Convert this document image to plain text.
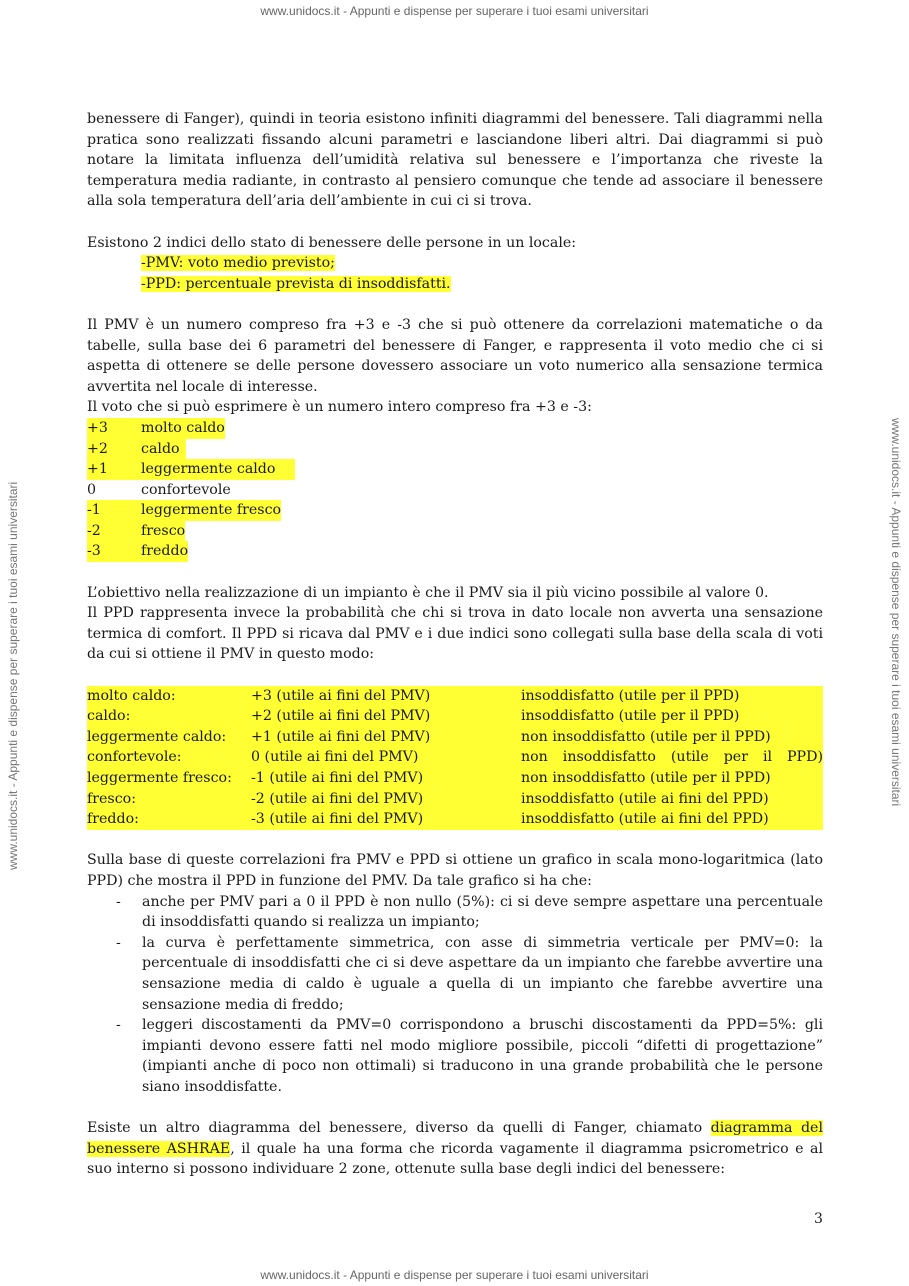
www.unidocs.it - Appunti e dispense per superare i tuoi esami universitari
www.unidocs.it - Appunti e dispense per superare i tuoi esami universitari	www.unidocs.it - Appunti e dispense per superare i tuoi esami universitari

benessere di Fanger), quindi in teoria esistono infiniti diagrammi del benessere. Tali diagrammi nella pratica sono realizzati fissando alcuni parametri e lasciandone liberi altri. Dai diagrammi si può notare la limitata influenza dell’umidità relativa sul benessere e l’importanza che riveste la temperatura media radiante, in contrasto al pensiero comunque che tende ad associare il benessere alla sola temperatura dell’aria dell’ambiente in cui ci si trova.

Esistono 2 indici dello stato di benessere delle persone in un locale:

-PMV: voto medio previsto;
-PPD: percentuale prevista di insoddisfatti.

Il PMV è un numero compreso fra +3 e -3 che si può ottenere da correlazioni matematiche o da tabelle, sulla base dei 6 parametri del benessere di Fanger, e rappresenta il voto medio che ci si aspetta di ottenere se delle persone dovessero associare un voto numerico alla sensazione termica avvertita nel locale di interesse.

Il voto che si può esprimere è un numero intero compreso fra +3 e -3:

+3	molto caldo
+2	caldo
+1	leggermente caldo
0	confortevole
-1	leggermente fresco
-2	fresco
-3	freddo

L’obiettivo nella realizzazione di un impianto è che il PMV sia il più vicino possibile al valore 0.

Il PPD rappresenta invece la probabilità che chi si trova in dato locale non avverta una sensazione termica di comfort. Il PPD si ricava dal PMV e i due indici sono collegati sulla base della scala di voti da cui si ottiene il PMV in questo modo:

molto caldo:	+3 (utile ai fini del PMV)	insoddisfatto (utile per il PPD)
caldo:	+2 (utile ai fini del PMV)	insoddisfatto (utile per il PPD)
leggermente caldo:	+1 (utile ai fini del PMV)	non insoddisfatto (utile per il PPD)
confortevole:	0 (utile ai fini del PMV)	non insoddisfatto (utile per il PPD)
leggermente fresco:	-1 (utile ai fini del PMV)	non insoddisfatto (utile per il PPD)
fresco:	-2 (utile ai fini del PMV)	insoddisfatto (utile ai fini del PPD)
freddo:	-3 (utile ai fini del PMV)	insoddisfatto (utile ai fini del PPD)

Sulla base di queste correlazioni fra PMV e PPD si ottiene un grafico in scala mono-logaritmica (lato PPD) che mostra il PPD in funzione del PMV. Da tale grafico si ha che:

- anche per PMV pari a 0 il PPD è non nullo (5%): ci si deve sempre aspettare una percentuale di insoddisfatti quando si realizza un impianto;
- la curva è perfettamente simmetrica, con asse di simmetria verticale per PMV=0: la percentuale di insoddisfatti che ci si deve aspettare da un impianto che farebbe avvertire una sensazione media di caldo è uguale a quella di un impianto che farebbe avvertire una sensazione media di freddo;
- leggeri discostamenti da PMV=0 corrispondono a bruschi discostamenti da PPD=5%: gli impianti devono essere fatti nel modo migliore possibile, piccoli “difetti di progettazione” (impianti anche di poco non ottimali) si traducono in una grande probabilità che le persone siano insoddisfatte.

Esiste un altro diagramma del benessere, diverso da quelli di Fanger, chiamato diagramma del benessere ASHRAE, il quale ha una forma che ricorda vagamente il diagramma psicrometrico e al suo interno si possono individuare 2 zone, ottenute sulla base degli indici del benessere:

3
www.unidocs.it - Appunti e dispense per superare i tuoi esami universitari
